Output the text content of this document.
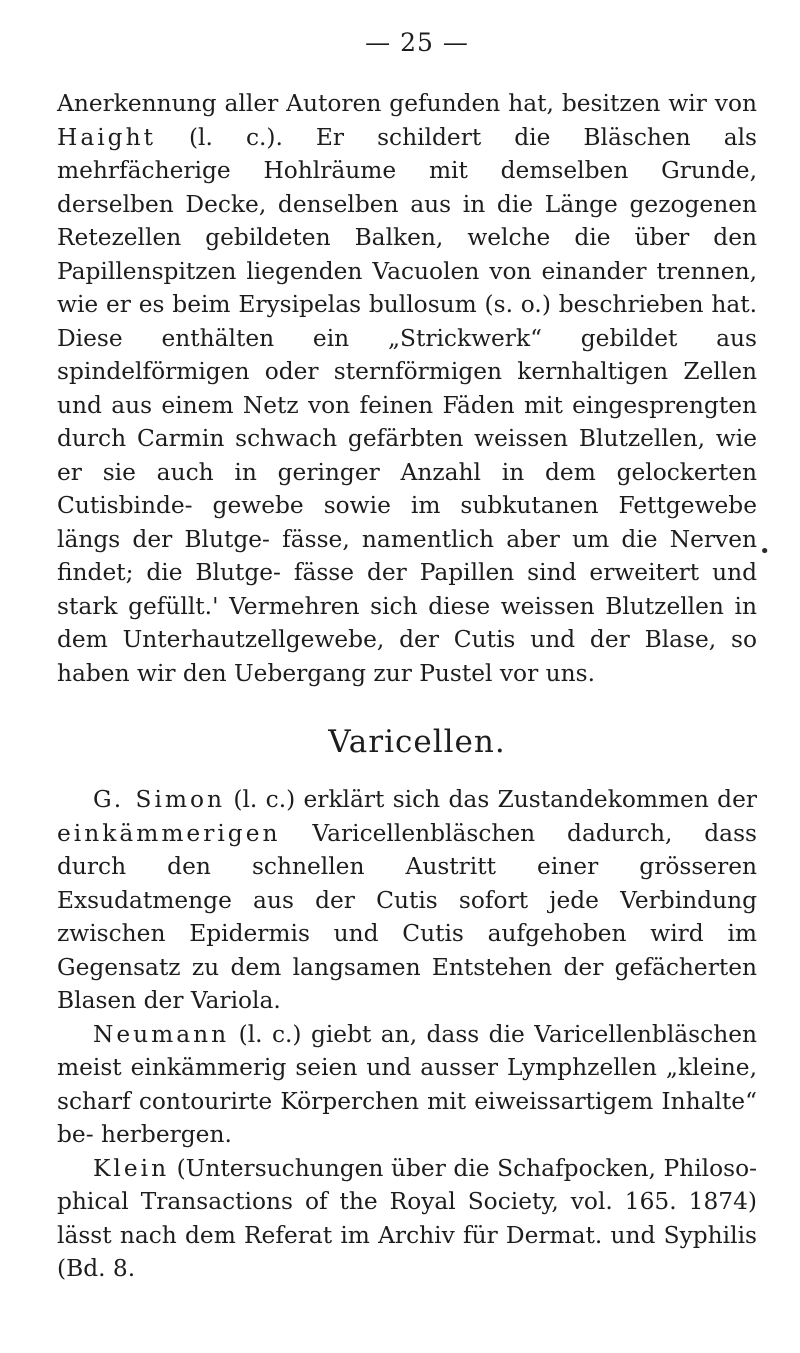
— 25 —

Anerkennung aller Autoren gefunden hat, besitzen wir von Haight (l. c.). Er schildert die Bläschen als mehrfächerige Hohlräume mit demselben Grunde, derselben Decke, denselben aus in die Länge gezogenen Retezellen gebildeten Balken, welche die über den Papillenspitzen liegenden Vacuolen von einander trennen, wie er es beim Erysipelas bullosum (s. o.) beschrieben hat. Diese enthälten ein „Strickwerk“ gebildet aus spindelförmigen oder sternförmigen kernhaltigen Zellen und aus einem Netz von feinen Fäden mit eingesprengten durch Carmin schwach gefärbten weissen Blutzellen, wie er sie auch in geringer Anzahl in dem gelockerten Cutisbinde- gewebe sowie im subkutanen Fettgewebe längs der Blutge- fässe, namentlich aber um die Nerven findet; die Blutge- fässe der Papillen sind erweitert und stark gefüllt.' Vermehren sich diese weissen Blutzellen in dem Unterhautzellgewebe, der Cutis und der Blase, so haben wir den Uebergang zur Pustel vor uns.

Varicellen.

G. Simon (l. c.) erklärt sich das Zustandekommen der einkämmerigen Varicellenbläschen dadurch, dass durch den schnellen Austritt einer grösseren Exsudatmenge aus der Cutis sofort jede Verbindung zwischen Epidermis und Cutis aufgehoben wird im Gegensatz zu dem langsamen Entstehen der gefächerten Blasen der Variola.

Neumann (l. c.) giebt an, dass die Varicellenbläschen meist einkämmerig seien und ausser Lymphzellen „kleine, scharf contourirte Körperchen mit eiweissartigem Inhalte“ be- herbergen.

Klein (Untersuchungen über die Schafpocken, Philoso- phical Transactions of the Royal Society, vol. 165. 1874) lässt nach dem Referat im Archiv für Dermat. und Syphilis (Bd. 8.

•
